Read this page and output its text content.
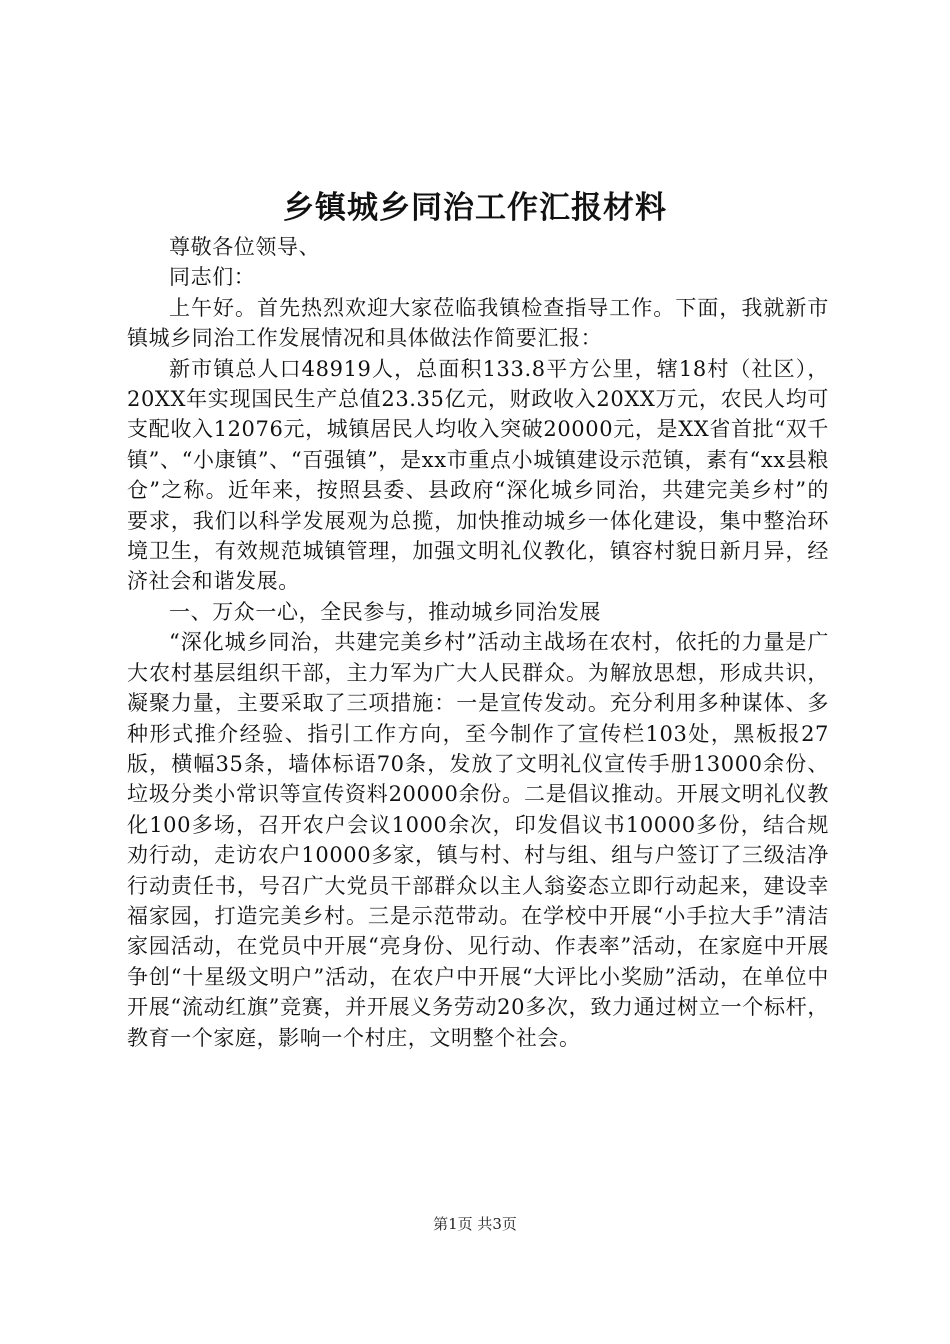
乡镇城乡同治工作汇报材料

尊敬各位领导、

同志们：

上午好。首先热烈欢迎大家莅临我镇检查指导工作。下面，我就新市镇城乡同治工作发展情况和具体做法作简要汇报：

新市镇总人口48919人，总面积133.8平方公里，辖18村（社区），20XX年实现国民生产总值23.35亿元，财政收入20XX万元，农民人均可支配收入12076元，城镇居民人均收入突破20000元，是XX省首批“双千镇”、“小康镇”、“百强镇”，是xx市重点小城镇建设示范镇，素有“xx县粮仓”之称。近年来，按照县委、县政府“深化城乡同治，共建完美乡村”的要求，我们以科学发展观为总揽，加快推动城乡一体化建设，集中整治环境卫生，有效规范城镇管理，加强文明礼仪教化，镇容村貌日新月异，经济社会和谐发展。

一、万众一心，全民参与，推动城乡同治发展

“深化城乡同治，共建完美乡村”活动主战场在农村，依托的力量是广大农村基层组织干部，主力军为广大人民群众。为解放思想，形成共识，凝聚力量，主要采取了三项措施：一是宣传发动。充分利用多种谋体、多种形式推介经验、指引工作方向，至今制作了宣传栏103处，黑板报27版，横幅35条，墙体标语70条，发放了文明礼仪宣传手册13000余份、垃圾分类小常识等宣传资料20000余份。二是倡议推动。开展文明礼仪教化100多场，召开农户会议1000余次，印发倡议书10000多份，结合规劝行动，走访农户10000多家，镇与村、村与组、组与户签订了三级洁净行动责任书，号召广大党员干部群众以主人翁姿态立即行动起来，建设幸福家园，打造完美乡村。三是示范带动。在学校中开展“小手拉大手”清洁家园活动，在党员中开展“亮身份、见行动、作表率”活动，在家庭中开展争创“十星级文明户”活动，在农户中开展“大评比小奖励”活动，在单位中开展“流动红旗”竞赛，并开展义务劳动20多次，致力通过树立一个标杆，教育一个家庭，影响一个村庄，文明整个社会。

第1页 共3页
